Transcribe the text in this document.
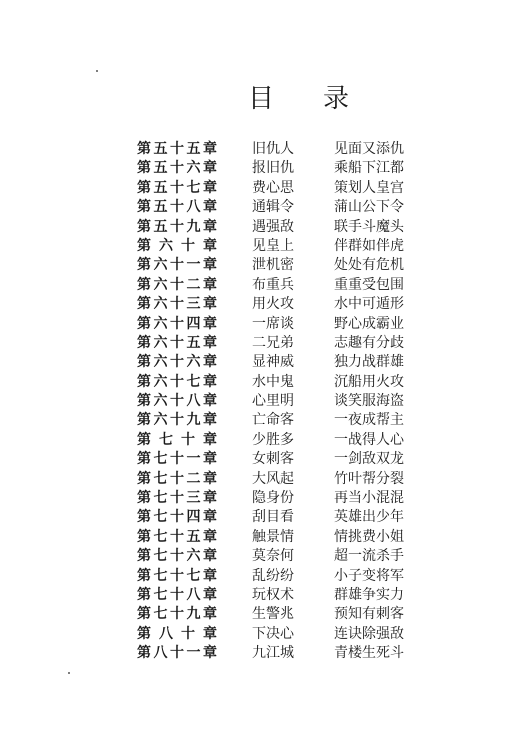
目 录
第五十五章	旧仇人	见面又添仇
第五十六章	报旧仇	乘船下江都
第五十七章	费心思	策划人皇宫
第五十八章	通辑令	蒲山公下令
第五十九章	遇强敌	联手斗魔头
第 六 十 章	见皇上	伴群如伴虎
第六十一章	泄机密	处处有危机
第六十二章	布重兵	重重受包围
第六十三章	用火攻	水中可遁形
第六十四章	一席谈	野心成霸业
第六十五章	二兄弟	志趣有分歧
第六十六章	显神威	独力战群雄
第六十七章	水中鬼	沉船用火攻
第六十八章	心里明	谈笑服海盗
第六十九章	亡命客	一夜成帮主
第 七 十 章	少胜多	一战得人心
第七十一章	女刺客	一剑敌双龙
第七十二章	大风起	竹叶帮分裂
第七十三章	隐身份	再当小混混
第七十四章	刮目看	英雄出少年
第七十五章	触景情	情挑费小姐
第七十六章	莫奈何	超一流杀手
第七十七章	乱纷纷	小子变将军
第七十八章	玩权术	群雄争实力
第七十九章	生警兆	预知有刺客
第 八 十 章	下决心	连诀除强敌
第八十一章	九江城	青楼生死斗
